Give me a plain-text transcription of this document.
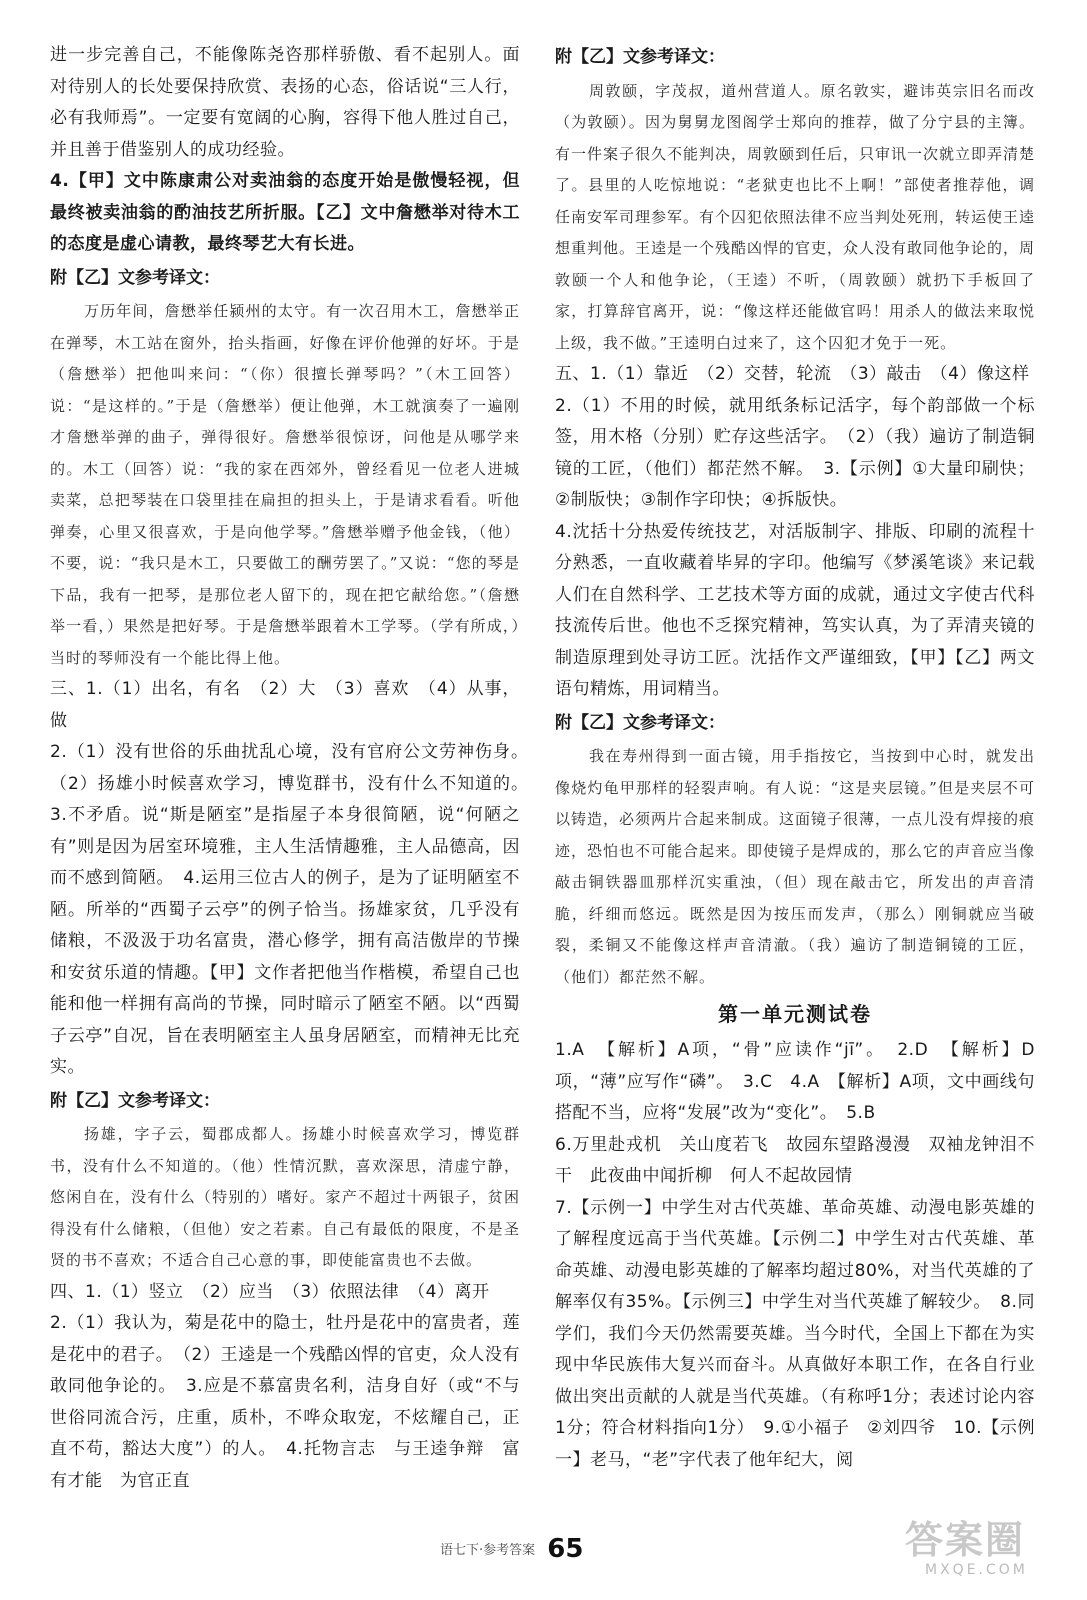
进一步完善自己，不能像陈尧咨那样骄傲、看不起别人。面对待别人的长处要保持欣赏、表扬的心态，俗话说“三人行，必有我师焉”。一定要有宽阔的心胸，容得下他人胜过自己，并且善于借鉴别人的成功经验。

4.【甲】文中陈康肃公对卖油翁的态度开始是傲慢轻视，但最终被卖油翁的酌油技艺所折服。【乙】文中詹懋举对待木工的态度是虚心请教，最终琴艺大有长进。

附【乙】文参考译文：

万历年间，詹懋举任颍州的太守。有一次召用木工，詹懋举正在弹琴，木工站在窗外，抬头指画，好像在评价他弹的好坏。于是（詹懋举）把他叫来问：“（你）很擅长弹琴吗？”（木工回答）说：“是这样的。”于是（詹懋举）便让他弹，木工就演奏了一遍刚才詹懋举弹的曲子，弹得很好。詹懋举很惊讶，问他是从哪学来的。木工（回答）说：“我的家在西郊外，曾经看见一位老人进城卖菜，总把琴装在口袋里挂在扁担的担头上，于是请求看看。听他弹奏，心里又很喜欢，于是向他学琴。”詹懋举赠予他金钱，（他）不要，说：“我只是木工，只要做工的酬劳罢了。”又说：“您的琴是下品，我有一把琴，是那位老人留下的，现在把它献给您。”（詹懋举一看，）果然是把好琴。于是詹懋举跟着木工学琴。（学有所成，）当时的琴师没有一个能比得上他。

三、1.（1）出名，有名　（2）大　（3）喜欢　（4）从事，做

2.（1）没有世俗的乐曲扰乱心境，没有官府公文劳神伤身。　（2）扬雄小时候喜欢学习，博览群书，没有什么不知道的。　3.不矛盾。说“斯是陋室”是指屋子本身很简陋，说“何陋之有”则是因为居室环境雅，主人生活情趣雅，主人品德高，因而不感到简陋。　4.运用三位古人的例子，是为了证明陋室不陋。所举的“西蜀子云亭”的例子恰当。扬雄家贫，几乎没有储粮，不汲汲于功名富贵，潜心修学，拥有高洁傲岸的节操和安贫乐道的情趣。【甲】文作者把他当作楷模，希望自己也能和他一样拥有高尚的节操，同时暗示了陋室不陋。以“西蜀子云亭”自况，旨在表明陋室主人虽身居陋室，而精神无比充实。

附【乙】文参考译文：

扬雄，字子云，蜀郡成都人。扬雄小时候喜欢学习，博览群书，没有什么不知道的。（他）性情沉默，喜欢深思，清虚宁静，悠闲自在，没有什么（特别的）嗜好。家产不超过十两银子，贫困得没有什么储粮，（但他）安之若素。自己有最低的限度，不是圣贤的书不喜欢；不适合自己心意的事，即使能富贵也不去做。

四、1.（1）竖立　（2）应当　（3）依照法律　（4）离开

2.（1）我认为，菊是花中的隐士，牡丹是花中的富贵者，莲是花中的君子。　（2）王逵是一个残酷凶悍的官吏，众人没有敢同他争论的。　3.应是不慕富贵名利，洁身自好（或“不与世俗同流合污，庄重，质朴，不哗众取宠，不炫耀自己，正直不苟，豁达大度”）的人。　4.托物言志　与王逵争辩　富有才能　为官正直

附【乙】文参考译文：

周敦颐，字茂叔，道州营道人。原名敦实，避讳英宗旧名而改（为敦颐）。因为舅舅龙图阁学士郑向的推荐，做了分宁县的主簿。有一件案子很久不能判决，周敦颐到任后，只审讯一次就立即弄清楚了。县里的人吃惊地说：“老狱吏也比不上啊！”部使者推荐他，调任南安军司理参军。有个囚犯依照法律不应当判处死刑，转运使王逵想重判他。王逵是一个残酷凶悍的官吏，众人没有敢同他争论的，周敦颐一个人和他争论，（王逵）不听，（周敦颐）就扔下手板回了家，打算辞官离开，说：“像这样还能做官吗！用杀人的做法来取悦上级，我不做。”王逵明白过来了，这个囚犯才免于一死。

五、1.（1）靠近　（2）交替，轮流　（3）敲击　（4）像这样

2.（1）不用的时候，就用纸条标记活字，每个韵部做一个标签，用木格（分别）贮存这些活字。　（2）（我）遍访了制造铜镜的工匠，（他们）都茫然不解。　3.【示例】①大量印刷快；②制版快；③制作字印快；④拆版快。

4.沈括十分热爱传统技艺，对活版制字、排版、印刷的流程十分熟悉，一直收藏着毕昇的字印。他编写《梦溪笔谈》来记载人们在自然科学、工艺技术等方面的成就，通过文字使古代科技流传后世。他也不乏探究精神，笃实认真，为了弄清夹镜的制造原理到处寻访工匠。沈括作文严谨细致，【甲】【乙】两文语句精炼，用词精当。

附【乙】文参考译文：

我在寿州得到一面古镜，用手指按它，当按到中心时，就发出像烧灼龟甲那样的轻裂声响。有人说：“这是夹层镜。”但是夹层不可以铸造，必须两片合起来制成。这面镜子很薄，一点儿没有焊接的痕迹，恐怕也不可能合起来。即使镜子是焊成的，那么它的声音应当像敲击铜铁器皿那样沉实重浊，（但）现在敲击它，所发出的声音清脆，纤细而悠远。既然是因为按压而发声，（那么）刚铜就应当破裂，柔铜又不能像这样声音清澈。（我）遍访了制造铜镜的工匠，（他们）都茫然不解。

第一单元测试卷

1.A　【解析】A项，“骨”应读作“jī”。　2.D　【解析】D项，“薄”应写作“磷”。　3.C　4.A　【解析】A项，文中画线句搭配不当，应将“发展”改为“变化”。　5.B

6.万里赴戎机　关山度若飞　故园东望路漫漫　双袖龙钟泪不干　此夜曲中闻折柳　何人不起故园情

7.【示例一】中学生对古代英雄、革命英雄、动漫电影英雄的了解程度远高于当代英雄。【示例二】中学生对古代英雄、革命英雄、动漫电影英雄的了解率均超过80%，对当代英雄的了解率仅有35%。【示例三】中学生对当代英雄了解较少。　8.同学们，我们今天仍然需要英雄。当今时代，全国上下都在为实现中华民族伟大复兴而奋斗。从真做好本职工作，在各自行业做出突出贡献的人就是当代英雄。（有称呼1分；表述讨论内容1分；符合材料指向1分）　9.①小福子　②刘四爷　10.【示例一】老马，“老”字代表了他年纪大，阅

语七下·参考答案 65	答案圈
MXQE.COM
